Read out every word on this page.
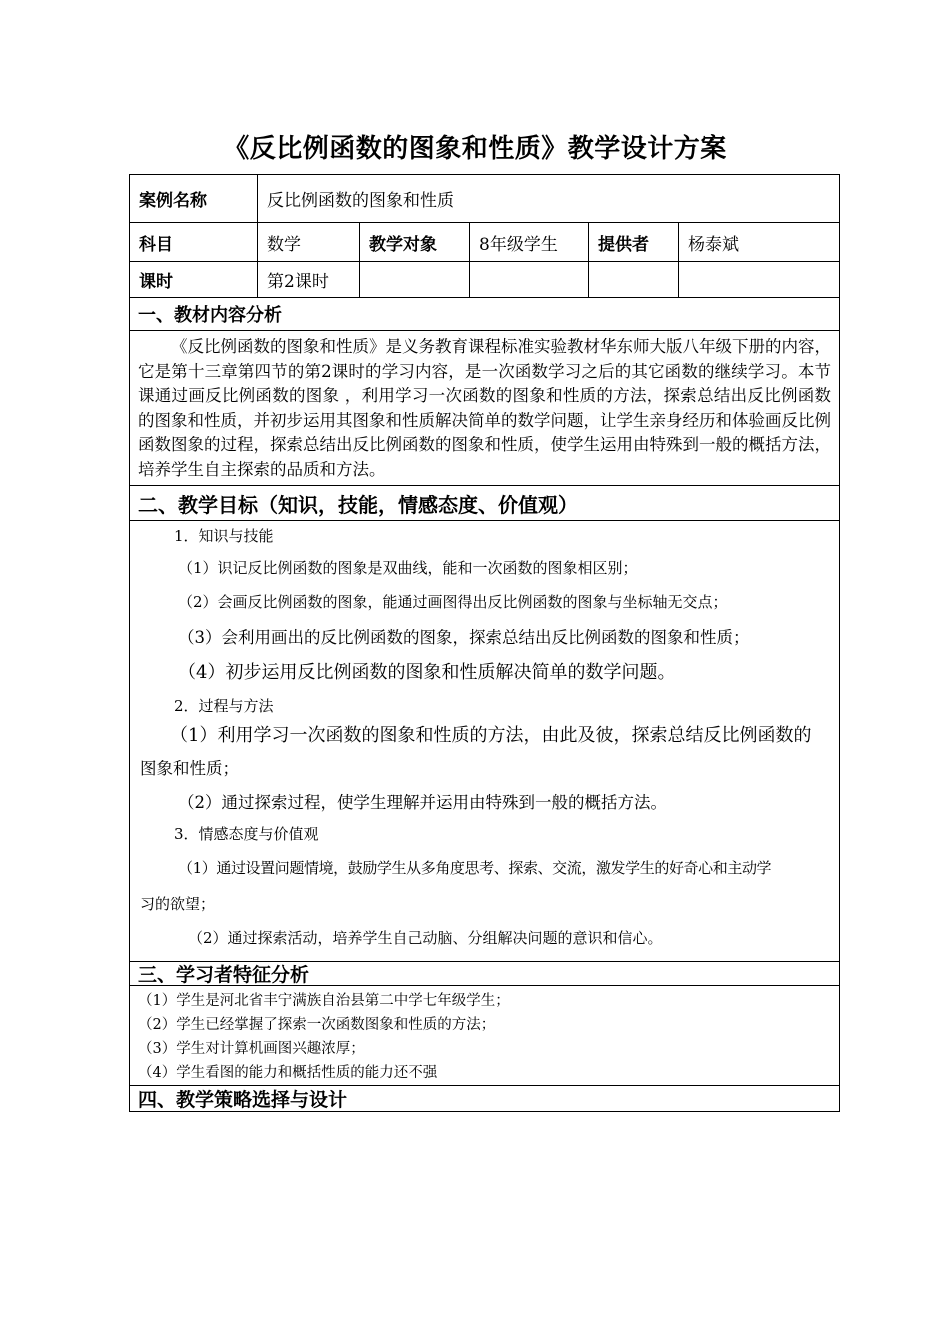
《反比例函数的图象和性质》教学设计方案
案例名称	反比例函数的图象和性质
科目	数学	教学对象	8年级学生	提供者	杨泰斌
课时	第2课时
一、教材内容分析
《反比例函数的图象和性质》是义务教育课程标准实验教材华东师大版八年级下册的内容，它是第十三章第四节的第2课时的学习内容，是一次函数学习之后的其它函数的继续学习。本节课通过画反比例函数的图象 ，利用学习一次函数的图象和性质的方法，探索总结出反比例函数的图象和性质，并初步运用其图象和性质解决简单的数学问题，让学生亲身经历和体验画反比例函数图象的过程，探索总结出反比例函数的图象和性质，使学生运用由特殊到一般的概括方法，培养学生自主探索的品质和方法。
二、教学目标（知识，技能，情感态度、价值观）
1．知识与技能
（1）识记反比例函数的图象是双曲线，能和一次函数的图象相区别；
（2）会画反比例函数的图象，能通过画图得出反比例函数的图象与坐标轴无交点；
（3）会利用画出的反比例函数的图象，探索总结出反比例函数的图象和性质；
（4）初步运用反比例函数的图象和性质解决简单的数学问题。
2．过程与方法
（1）利用学习一次函数的图象和性质的方法，由此及彼，探索总结反比例函数的
图象和性质；
（2）通过探索过程，使学生理解并运用由特殊到一般的概括方法。
3．情感态度与价值观
（1）通过设置问题情境，鼓励学生从多角度思考、探索、交流，激发学生的好奇心和主动学
习的欲望；
（2）通过探索活动，培养学生自己动脑、分组解决问题的意识和信心。
三、学习者特征分析
（1）学生是河北省丰宁满族自治县第二中学七年级学生；
（2）学生已经掌握了探索一次函数图象和性质的方法；
（3）学生对计算机画图兴趣浓厚；
（4）学生看图的能力和概括性质的能力还不强
四、教学策略选择与设计
